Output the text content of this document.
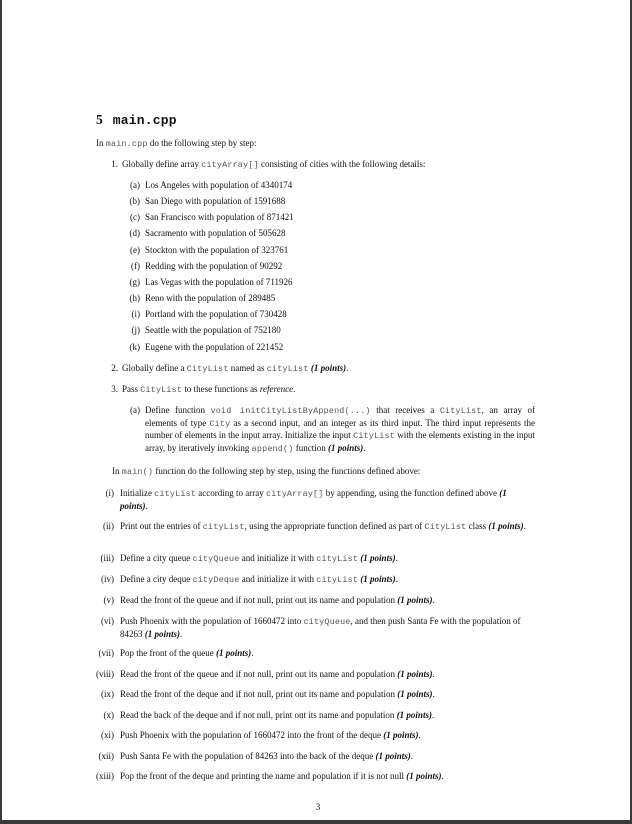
5 main.cpp
In main.cpp do the following step by step:
1. Globally define array cityArray[] consisting of cities with the following details:
(a) Los Angeles with population of 4340174
(b) San Diego with population of 1591688
(c) San Francisco with population of 871421
(d) Sacramento with population of 505628
(e) Stockton with the population of 323761
(f) Redding with the population of 90292
(g) Las Vegas with the population of 711926
(h) Reno with the population of 289485
(i) Portland with the population of 730428
(j) Seattle with the population of 752180
(k) Eugene with the population of 221452
2. Globally define a CityList named as cityList (1 points).
3. Pass CityList to these functions as reference.
(a) Define function void initCityListByAppend(...) that receives a CityList, an array of elements of type City as a second input, and an integer as its third input. The third input represents the number of elements in the input array. Initialize the input CityList with the elements existing in the input array, by iteratively invoking append() function (1 points).
In main() function do the following step by step, using the functions defined above:
(i) Initialize cityList according to array cityArray[] by appending, using the function defined above (1 points).
(ii) Print out the entries of cityList, using the appropriate function defined as part of CityList class (1 points).
(iii) Define a city queue cityQueue and initialize it with cityList (1 points).
(iv) Define a city deque cityDeque and initialize it with cityList (1 points).
(v) Read the front of the queue and if not null, print out its name and population (1 points).
(vi) Push Phoenix with the population of 1660472 into cityQueue, and then push Santa Fe with the population of 84263 (1 points).
(vii) Pop the front of the queue (1 points).
(viii) Read the front of the queue and if not null, print out its name and population (1 points).
(ix) Read the front of the deque and if not null, print out its name and population (1 points).
(x) Read the back of the deque and if not null, print out its name and population (1 points).
(xi) Push Phoenix with the population of 1660472 into the front of the deque (1 points).
(xii) Push Santa Fe with the population of 84263 into the back of the deque (1 points).
(xiii) Pop the front of the deque and printing the name and population if it is not null (1 points).
3
